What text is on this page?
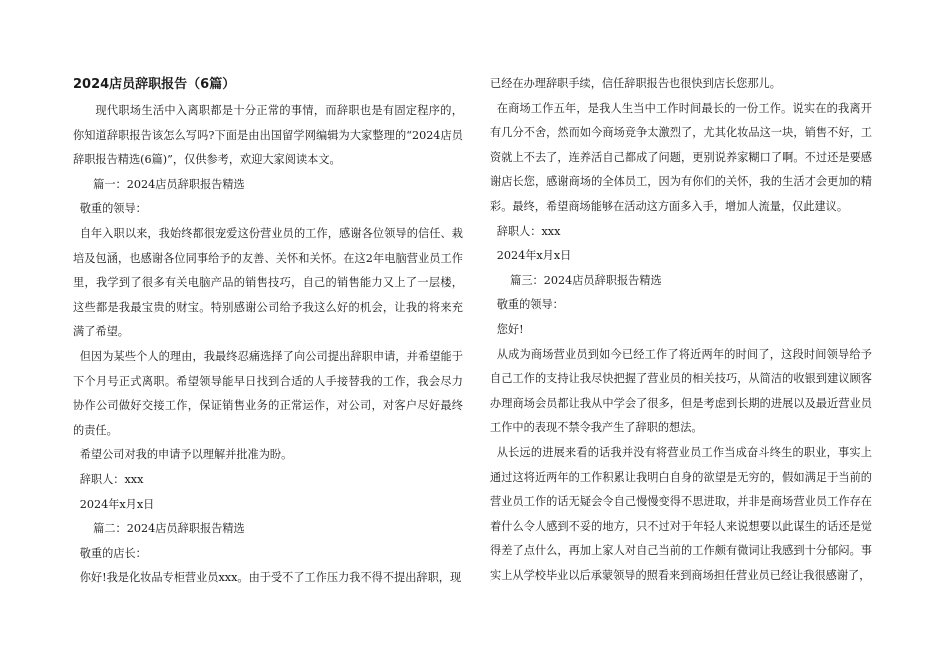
2024店员辞职报告（6篇）

现代职场生活中入离职都是十分正常的事情，而辞职也是有固定程序的，你知道辞职报告该怎么写吗?下面是由出国留学网编辑为大家整理的“2024店员辞职报告精选(6篇)”，仅供参考，欢迎大家阅读本文。

篇一：2024店员辞职报告精选

敬重的领导：

自年入职以来，我始终都很宠爱这份营业员的工作，感谢各位领导的信任、栽培及包涵，也感谢各位同事给予的友善、关怀和关怀。在这2年电脑营业员工作里，我学到了很多有关电脑产品的销售技巧，自己的销售能力又上了一层楼，这些都是我最宝贵的财宝。特别感谢公司给予我这么好的机会，让我的将来充满了希望。

但因为某些个人的理由，我最终忍痛选择了向公司提出辞职申请，并希望能于下个月号正式离职。希望领导能早日找到合适的人手接替我的工作，我会尽力协作公司做好交接工作，保证销售业务的正常运作，对公司，对客户尽好最终的责任。

希望公司对我的申请予以理解并批准为盼。

辞职人：xxx

2024年x月x日

篇二：2024店员辞职报告精选

敬重的店长：

你好!我是化妆品专柜营业员xxx。由于受不了工作压力我不得不提出辞职，现

已经在办理辞职手续，信任辞职报告也很快到店长您那儿。

在商场工作五年，是我人生当中工作时间最长的一份工作。说实在的我离开有几分不舍，然而如今商场竞争太激烈了，尤其化妆品这一块，销售不好，工资就上不去了，连养活自己都成了问题，更别说养家糊口了啊。不过还是要感谢店长您，感谢商场的全体员工，因为有你们的关怀，我的生活才会更加的精彩。最终，希望商场能够在活动这方面多入手，增加人流量，仅此建议。

辞职人：xxx

2024年x月x日

篇三：2024店员辞职报告精选

敬重的领导：

您好!

从成为商场营业员到如今已经工作了将近两年的时间了，这段时间领导给予自己工作的支持让我尽快把握了营业员的相关技巧，从简洁的收银到建议顾客办理商场会员都让我从中学会了很多，但是考虑到长期的进展以及最近营业员工作中的表现不禁令我产生了辞职的想法。

从长远的进展来看的话我并没有将营业员工作当成奋斗终生的职业，事实上通过这将近两年的工作积累让我明白自身的欲望是无穷的，假如满足于当前的营业员工作的话无疑会令自己慢慢变得不思进取，并非是商场营业员工作存在着什么令人感到不妥的地方，只不过对于年轻人来说想要以此谋生的话还是觉得差了点什么，再加上家人对自己当前的工作颇有微词让我感到十分郁闷。事实上从学校毕业以后承蒙领导的照看来到商场担任营业员已经让我很感谢了，
